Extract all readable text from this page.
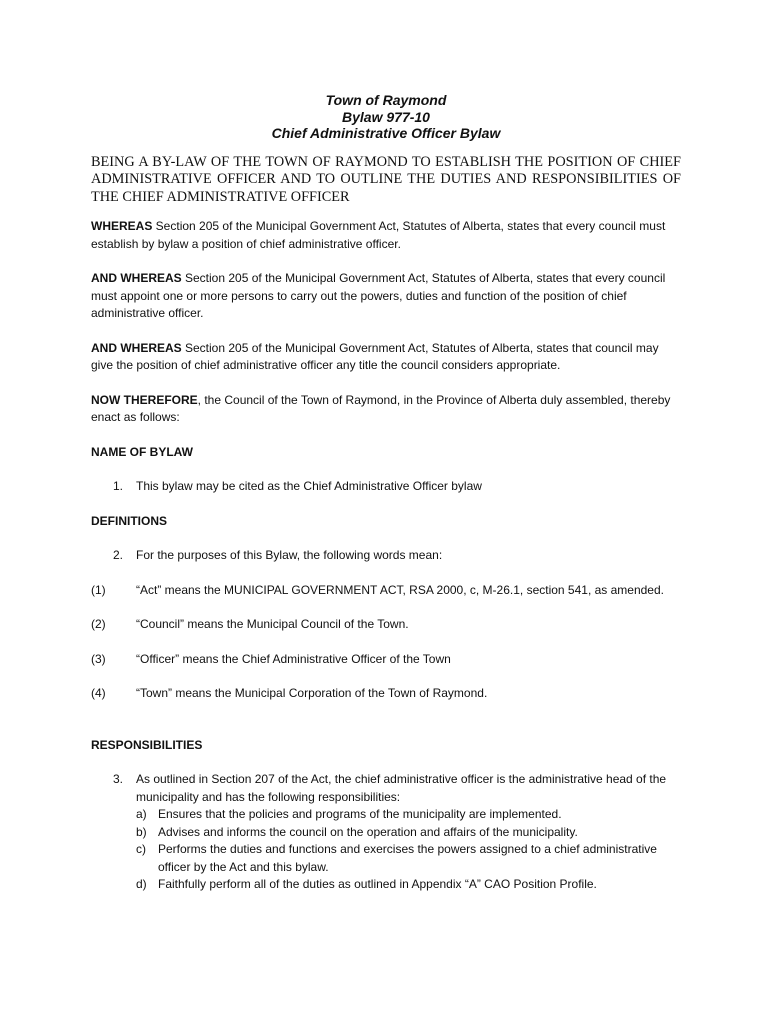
Town of Raymond
Bylaw 977-10
Chief Administrative Officer Bylaw

BEING A BY-LAW OF THE TOWN OF RAYMOND TO ESTABLISH THE POSITION OF CHIEF ADMINISTRATIVE OFFICER AND TO OUTLINE THE DUTIES AND RESPONSIBILITIES OF THE CHIEF ADMINISTRATIVE OFFICER

WHEREAS Section 205 of the Municipal Government Act, Statutes of Alberta, states that every council must establish by bylaw a position of chief administrative officer.

AND WHEREAS Section 205 of the Municipal Government Act, Statutes of Alberta, states that every council must appoint one or more persons to carry out the powers, duties and function of the position of chief administrative officer.

AND WHEREAS Section 205 of the Municipal Government Act, Statutes of Alberta, states that council may give the position of chief administrative officer any title the council considers appropriate.

NOW THEREFORE, the Council of the Town of Raymond, in the Province of Alberta duly assembled, thereby enact as follows:

NAME OF BYLAW

1.	This bylaw may be cited as the Chief Administrative Officer bylaw

DEFINITIONS

2.	For the purposes of this Bylaw, the following words mean:
(1)	“Act” means the MUNICIPAL GOVERNMENT ACT, RSA 2000, c, M-26.1, section 541, as amended.
(2)	“Council” means the Municipal Council of the Town.
(3)	“Officer” means the Chief Administrative Officer of the Town
(4)	“Town” means the Municipal Corporation of the Town of Raymond.

RESPONSIBILITIES

3.	As outlined in Section 207 of the Act, the chief administrative officer is the administrative head of the municipality and has the following responsibilities:
a) Ensures that the policies and programs of the municipality are implemented.
b) Advises and informs the council on the operation and affairs of the municipality.
c)	Performs the duties and functions and exercises the powers assigned to a chief administrative officer by the Act and this bylaw.
d) Faithfully perform all of the duties as outlined in Appendix “A” CAO Position Profile.
